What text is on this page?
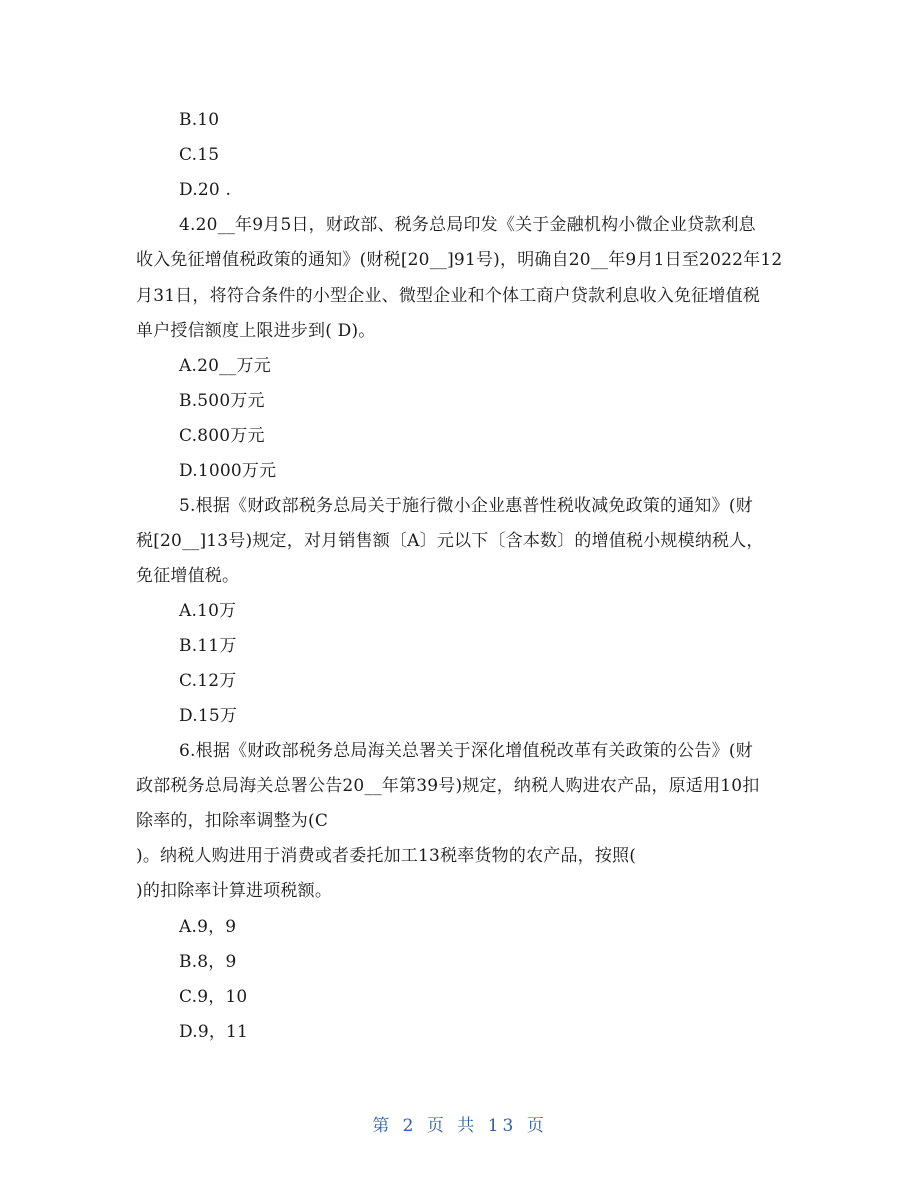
B.10
C.15
D.20 .
4.20__年9月5日，财政部、税务总局印发《关于金融机构小微企业贷款利息
收入免征增值税政策的通知》(财税[20__]91号)，明确自20__年9月1日至2022年12
月31日，将符合条件的小型企业、微型企业和个体工商户贷款利息收入免征增值税
单户授信额度上限进步到( D)。
A.20__万元
B.500万元
C.800万元
D.1000万元
5.根据《财政部税务总局关于施行微小企业惠普性税收减免政策的通知》(财
税[20__]13号)规定，对月销售额〔A〕元以下〔含本数〕的增值税小规模纳税人，
免征增值税。
A.10万
B.11万
C.12万
D.15万
6.根据《财政部税务总局海关总署关于深化增值税改革有关政策的公告》(财
政部税务总局海关总署公告20__年第39号)规定，纳税人购进农产品，原适用10扣
除率的，扣除率调整为(C
)。纳税人购进用于消费或者委托加工13税率货物的农产品，按照(
)的扣除率计算进项税额。
A.9，9
B.8，9
C.9，10
D.9，11
第 2 页 共 13 页
